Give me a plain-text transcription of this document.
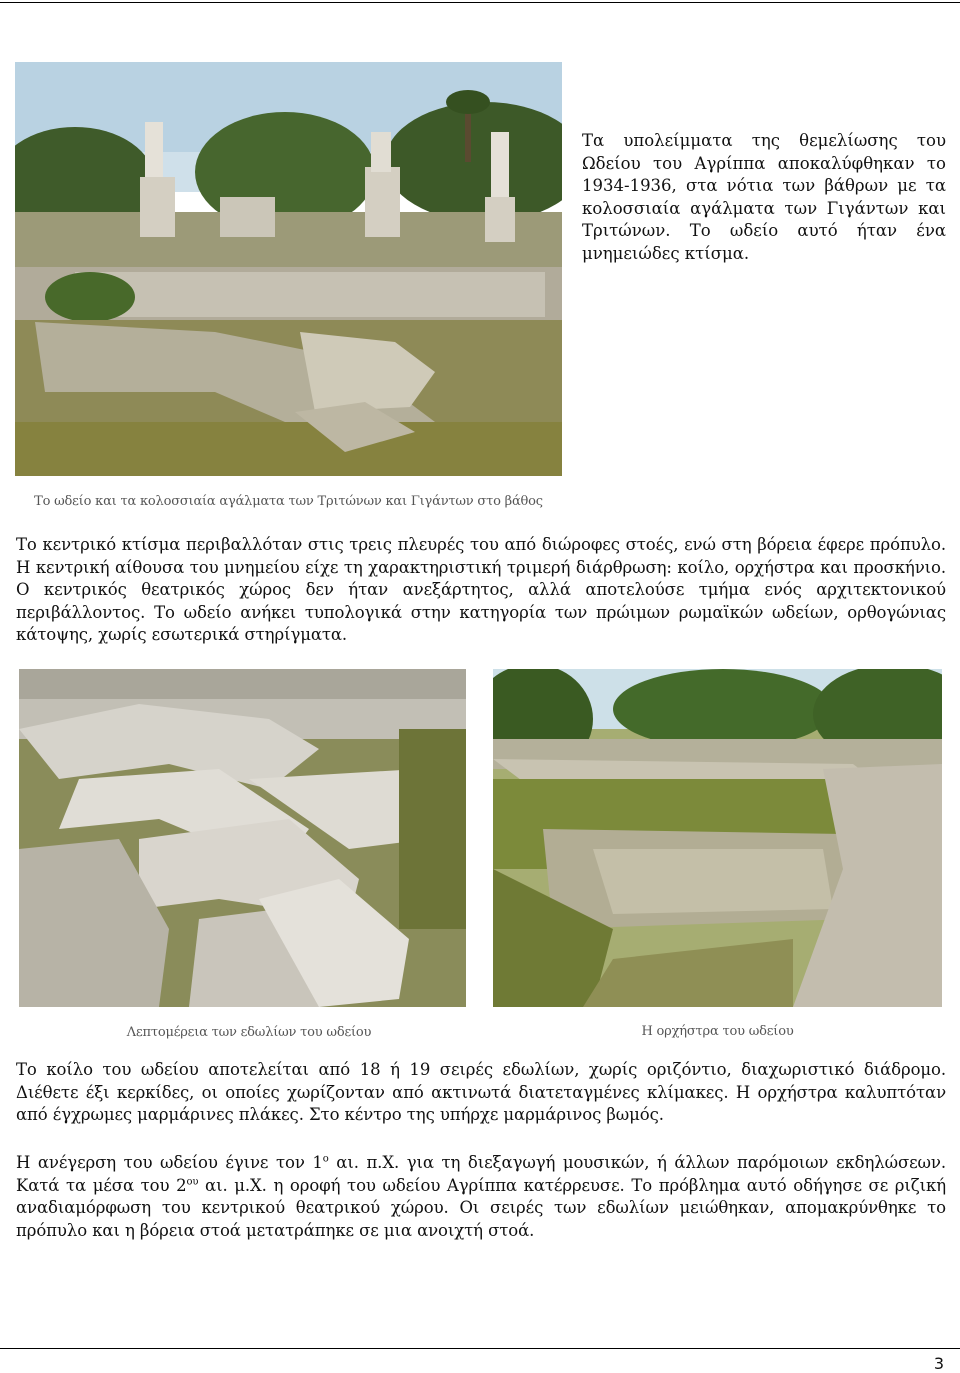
Το ωδείο και τα κολοσσιαία αγάλματα των Τριτώνων και Γιγάντων στο βάθος

Τα υπολείμματα της θεμελίωσης του Ωδείου του Αγρίππα αποκαλύφθηκαν το 1934-1936, στα νότια των βάθρων με τα κολοσσιαία αγάλματα των Γιγάντων και Τριτώνων. Το ωδείο αυτό ήταν ένα μνημειώδες κτίσμα.

Το κεντρικό κτίσμα περιβαλλόταν στις τρεις πλευρές του από διώροφες στοές, ενώ στη βόρεια έφερε πρόπυλο. Η κεντρική αίθουσα του μνημείου είχε τη χαρακτηριστική τριμερή διάρθρωση: κοίλο, ορχήστρα και προσκήνιο. Ο κεντρικός θεατρικός χώρος δεν ήταν ανεξάρτητος, αλλά αποτελούσε τμήμα ενός αρχιτεκτονικού περιβάλλοντος. Το ωδείο ανήκει τυπολογικά στην κατηγορία των πρώιμων ρωμαϊκών ωδείων, ορθογώνιας κάτοψης, χωρίς εσωτερικά στηρίγματα.

Λεπτομέρεια των εδωλίων του ωδείου	Η ορχήστρα του ωδείου

Το κοίλο του ωδείου αποτελείται από 18 ή 19 σειρές εδωλίων, χωρίς οριζόντιο, διαχωριστικό διάδρομο. Διέθετε έξι κερκίδες, οι οποίες χωρίζονταν από ακτινωτά διατεταγμένες κλίμακες. Η ορχήστρα καλυπτόταν από έγχρωμες μαρμάρινες πλάκες. Στο κέντρο της υπήρχε μαρμάρινος βωμός.

Η ανέγερση του ωδείου έγινε τον $1^o$ αι. π.Χ. για τη διεξαγωγή μουσικών, ή άλλων παρόμοιων εκδηλώσεων. Κατά τα μέσα του $2^{o\upsilon}$ αι. μ.Χ. η οροφή του ωδείου Αγρίππα κατέρρευσε. Το πρόβλημα αυτό οδήγησε σε ριζική αναδιαμόρφωση του κεντρικού θεατρικού χώρου. Οι σειρές των εδωλίων μειώθηκαν, απομακρύνθηκε το πρόπυλο και η βόρεια στοά μετατράπηκε σε μια ανοιχτή στοά.

3
